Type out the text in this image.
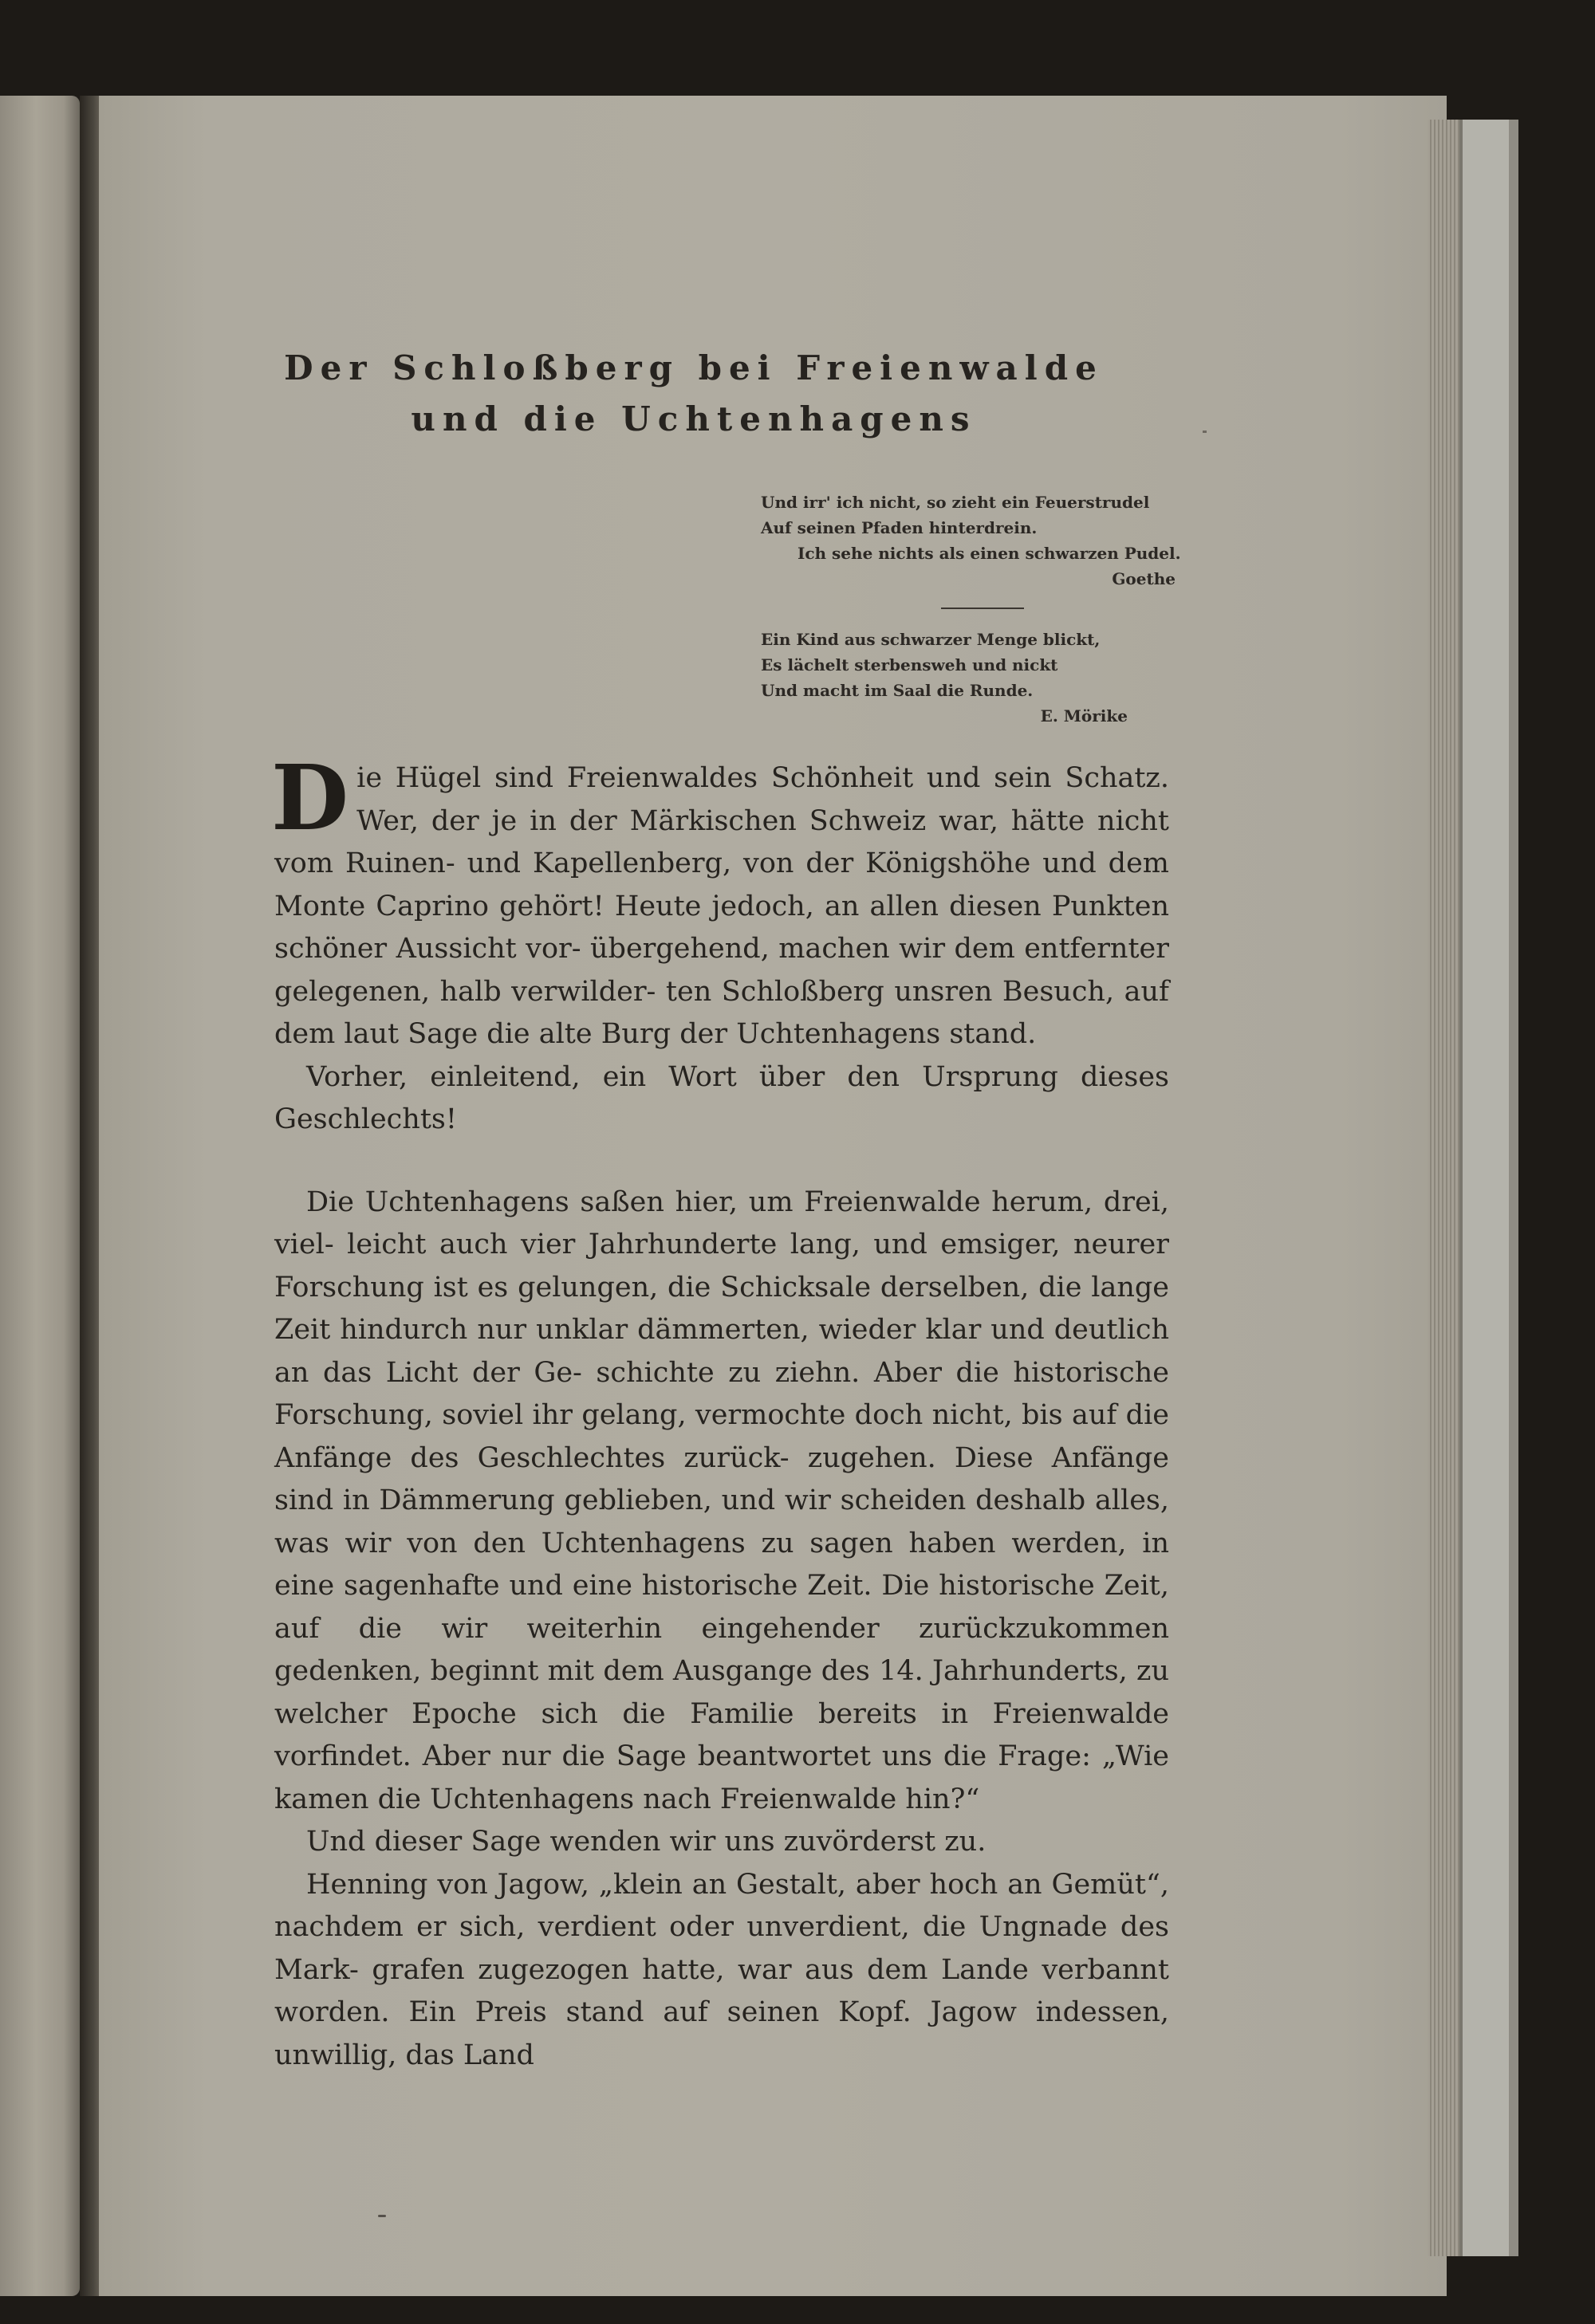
Der Schloßberg bei Freienwalde
und die Uchtenhagens
Und irr' ich nicht, so zieht ein Feuerstrudel
Auf seinen Pfaden hinterdrein.
Ich sehe nichts als einen schwarzen Pudel.
Goethe
Ein Kind aus schwarzer Menge blickt,
Es lächelt sterbensweh und nickt
Und macht im Saal die Runde.
E. Mörike

Die Hügel sind Freienwaldes Schönheit und sein Schatz. Wer, der je in der Märkischen Schweiz war, hätte nicht vom Ruinen- und Kapellenberg, von der Königshöhe und dem Monte Caprino gehört! Heute jedoch, an allen diesen Punkten schöner Aussicht vor- übergehend, machen wir dem entfernter gelegenen, halb verwilder- ten Schloßberg unsren Besuch, auf dem laut Sage die alte Burg der Uchtenhagens stand.

Vorher, einleitend, ein Wort über den Ursprung dieses Geschlechts!

Die Uchtenhagens saßen hier, um Freienwalde herum, drei, viel- leicht auch vier Jahrhunderte lang, und emsiger, neurer Forschung ist es gelungen, die Schicksale derselben, die lange Zeit hindurch nur unklar dämmerten, wieder klar und deutlich an das Licht der Ge- schichte zu ziehn. Aber die historische Forschung, soviel ihr gelang, vermochte doch nicht, bis auf die Anfänge des Geschlechtes zurück- zugehen. Diese Anfänge sind in Dämmerung geblieben, und wir scheiden deshalb alles, was wir von den Uchtenhagens zu sagen haben werden, in eine sagenhafte und eine historische Zeit. Die historische Zeit, auf die wir weiterhin eingehender zurückzukommen gedenken, beginnt mit dem Ausgange des 14. Jahrhunderts, zu welcher Epoche sich die Familie bereits in Freienwalde vorfindet. Aber nur die Sage beantwortet uns die Frage: „Wie kamen die Uchtenhagens nach Freienwalde hin?“

Und dieser Sage wenden wir uns zuvörderst zu.

Henning von Jagow, „klein an Gestalt, aber hoch an Gemüt“, nachdem er sich, verdient oder unverdient, die Ungnade des Mark- grafen zugezogen hatte, war aus dem Lande verbannt worden. Ein Preis stand auf seinen Kopf. Jagow indessen, unwillig, das Land
